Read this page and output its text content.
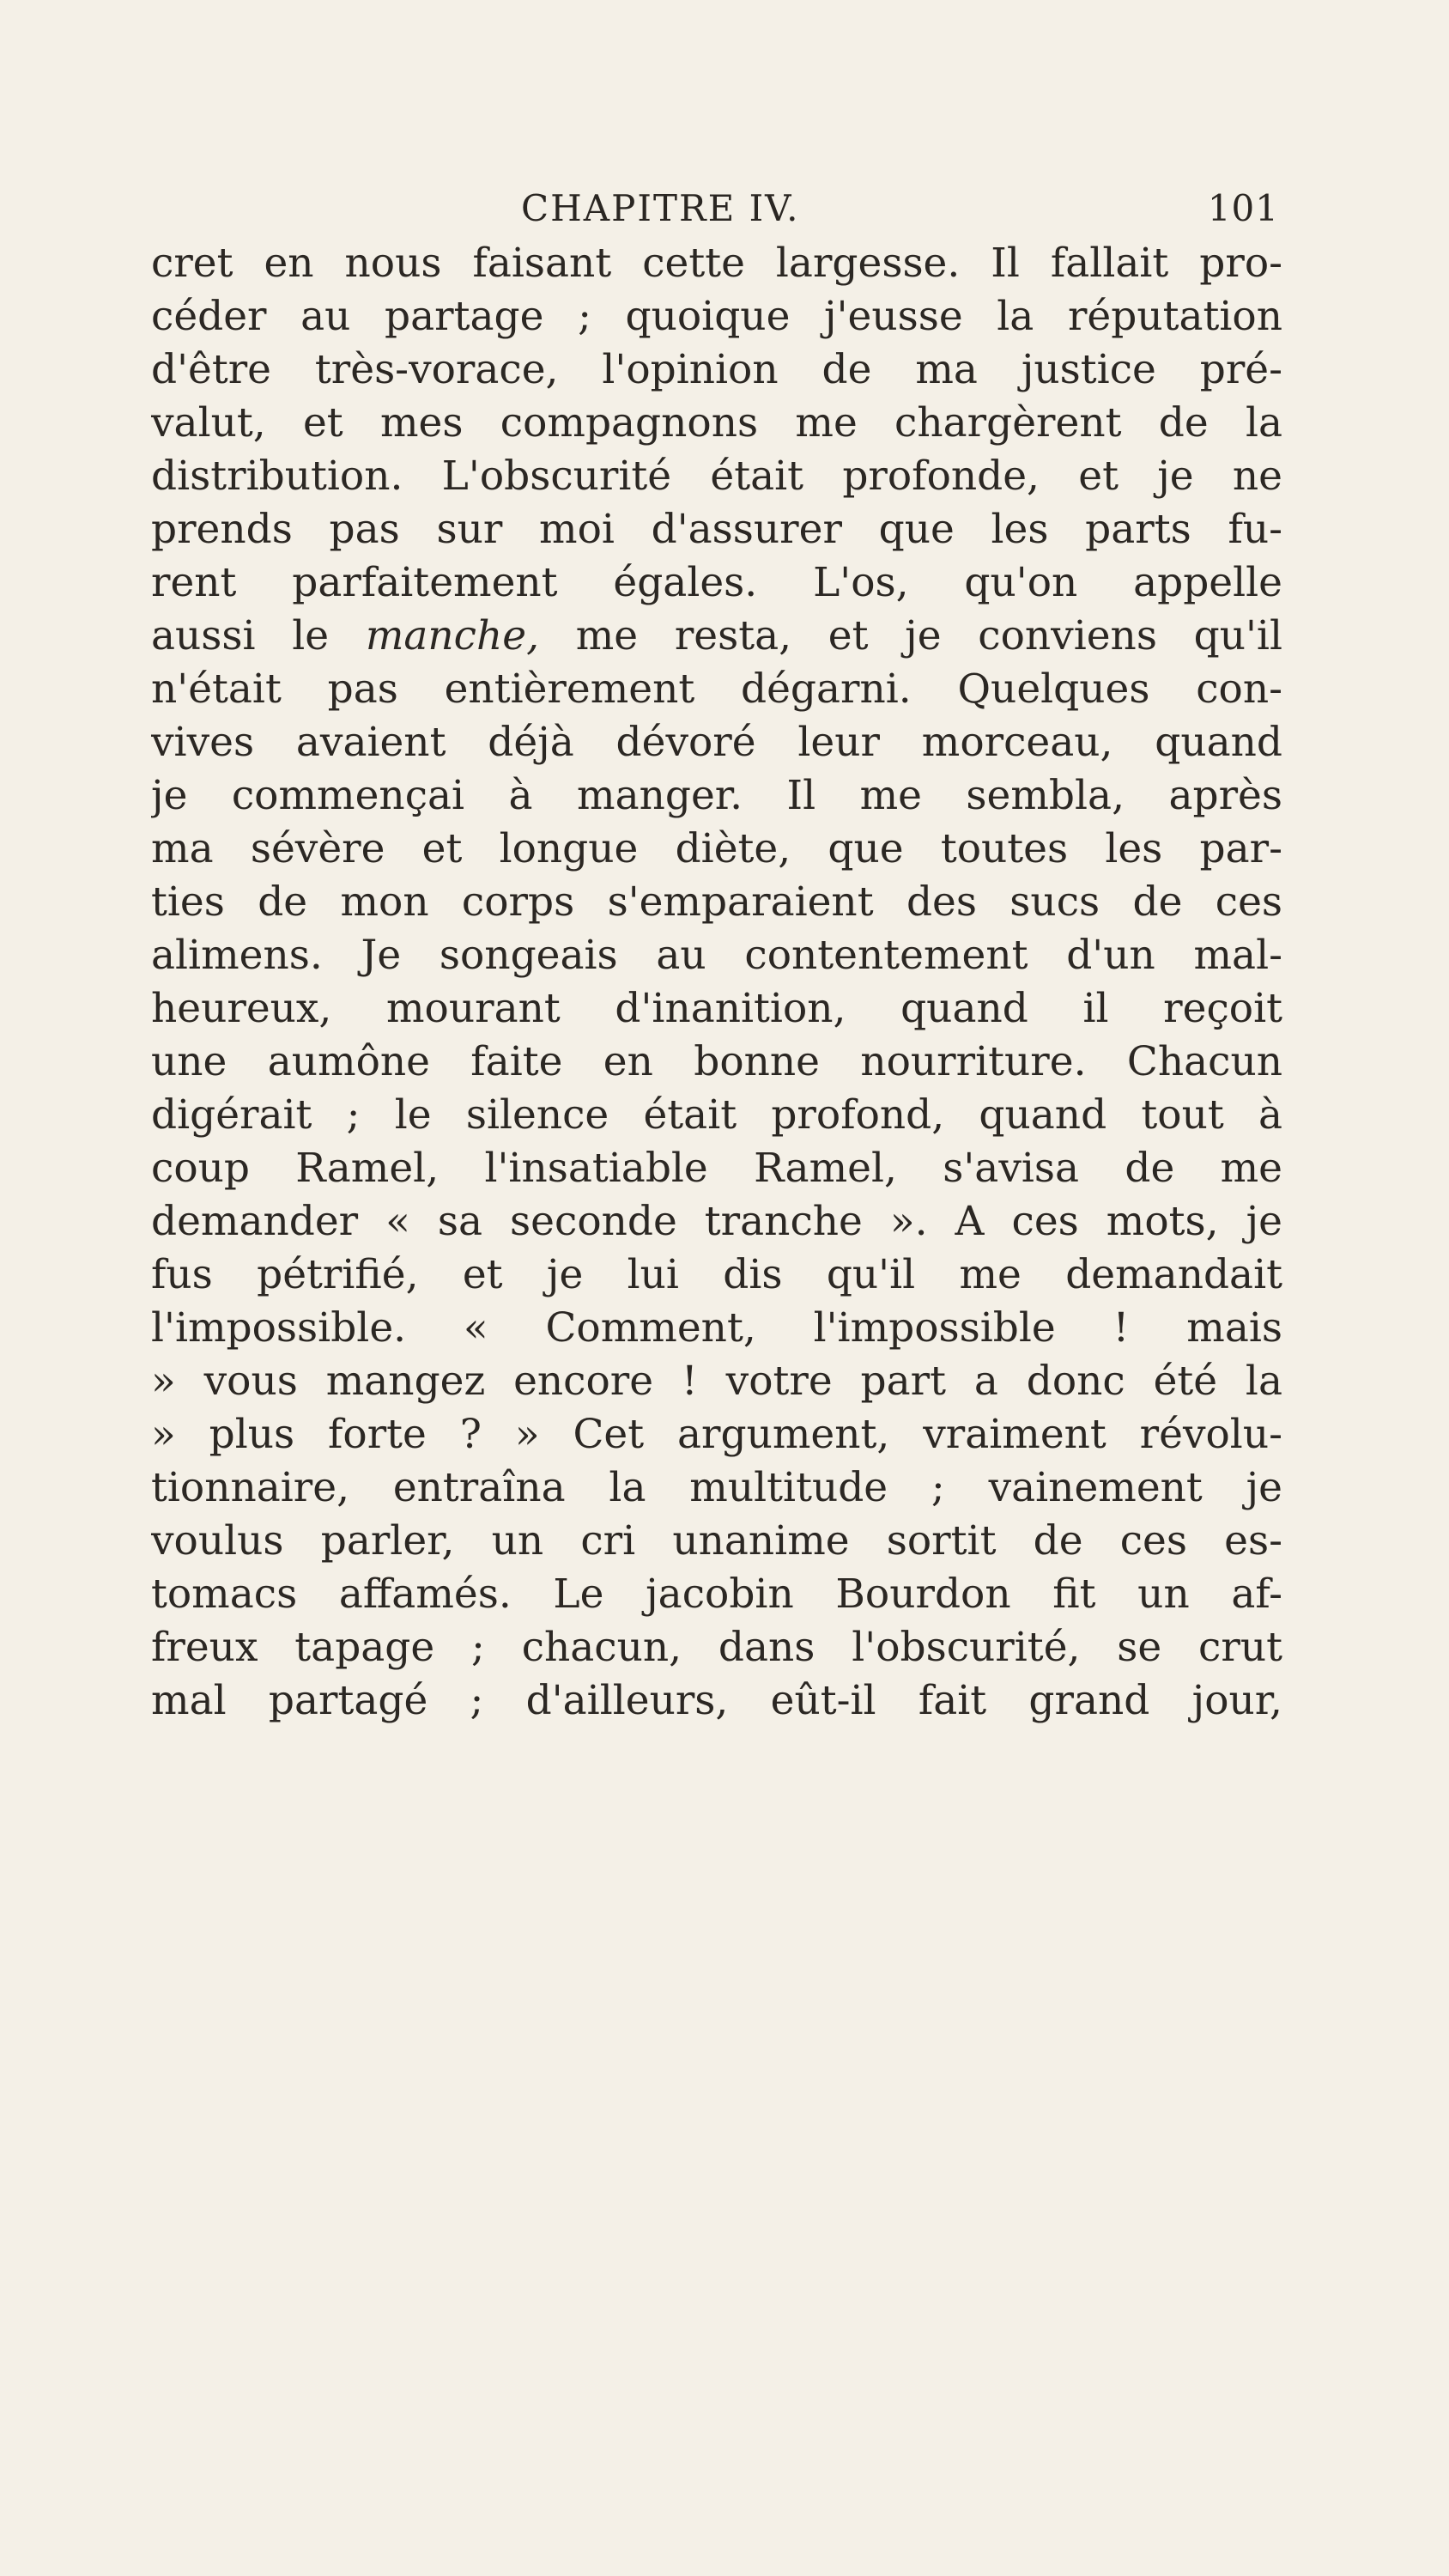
CHAPITRE IV.	101
cret en nous faisant cette largesse. Il fallait pro-
céder au partage ; quoique j'eusse la réputation
d'être très-vorace, l'opinion de ma justice pré-
valut, et mes compagnons me chargèrent de la
distribution. L'obscurité était profonde, et je ne
prends pas sur moi d'assurer que les parts fu-
rent parfaitement égales. L'os, qu'on appelle
aussi le manche, me resta, et je conviens qu'il
n'était pas entièrement dégarni. Quelques con-
vives avaient déjà dévoré leur morceau, quand
je commençai à manger. Il me sembla, après
ma sévère et longue diète, que toutes les par-
ties de mon corps s'emparaient des sucs de ces
alimens. Je songeais au contentement d'un mal-
heureux, mourant d'inanition, quand il reçoit
une aumône faite en bonne nourriture. Chacun
digérait ; le silence était profond, quand tout à
coup Ramel, l'insatiable Ramel, s'avisa de me
demander « sa seconde tranche ». A ces mots, je
fus pétrifié, et je lui dis qu'il me demandait
l'impossible. « Comment, l'impossible ! mais
» vous mangez encore ! votre part a donc été la
» plus forte ? » Cet argument, vraiment révolu-
tionnaire, entraîna la multitude ; vainement je
voulus parler, un cri unanime sortit de ces es-
tomacs affamés. Le jacobin Bourdon fit un af-
freux tapage ; chacun, dans l'obscurité, se crut
mal partagé ; d'ailleurs, eût-il fait grand jour,
